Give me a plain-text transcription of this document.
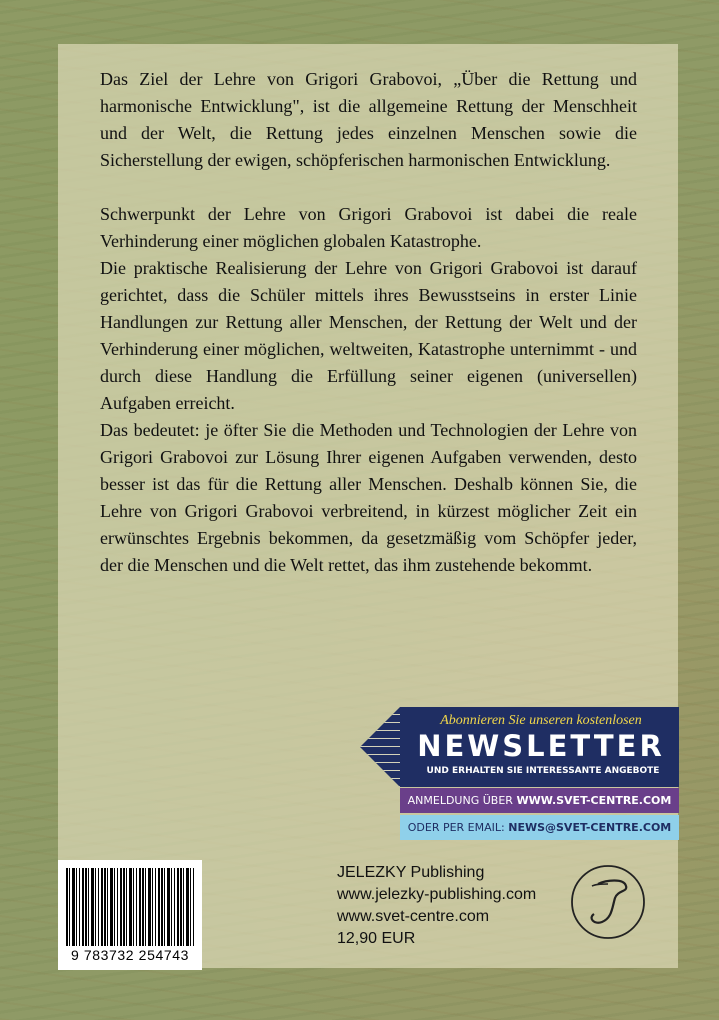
Das Ziel der Lehre von Grigori Grabovoi, „Über die Rettung und harmonische Entwicklung", ist die allgemeine Rettung der Menschheit und der Welt, die Rettung jedes einzelnen Menschen sowie die Sicherstellung der ewigen, schöpferischen harmonischen Entwicklung.

Schwerpunkt der Lehre von Grigori Grabovoi ist dabei die reale Verhinderung einer möglichen globalen Katastrophe.

Die praktische Realisierung der Lehre von Grigori Grabovoi ist darauf gerichtet, dass die Schüler mittels ihres Bewusstseins in erster Linie Handlungen zur Rettung aller Menschen, der Rettung der Welt und der Verhinderung einer möglichen, weltweiten, Katastrophe unternimmt - und durch diese Handlung die Erfüllung seiner eigenen (universellen) Aufgaben erreicht.

Das bedeutet: je öfter Sie die Methoden und Technologien der Lehre von Grigori Grabovoi zur Lösung Ihrer eigenen Aufgaben verwenden, desto besser ist das für die Rettung aller Menschen. Deshalb können Sie, die Lehre von Grigori Grabovoi verbreitend, in kürzest möglicher Zeit ein erwünschtes Ergebnis bekommen, da gesetzmäßig vom Schöpfer jeder, der die Menschen und die Welt rettet, das ihm zustehende bekommt.

Abonnieren Sie unseren kostenlosen
NEWSLETTER
UND ERHALTEN SIE INTERESSANTE ANGEBOTE
ANMELDUNG ÜBER WWW.SVET-CENTRE.COM
ODER PER EMAIL: NEWS@SVET-CENTRE.COM
9 783732 254743
JELEZKY Publishing
www.jelezky-publishing.com
www.svet-centre.com
12,90 EUR
